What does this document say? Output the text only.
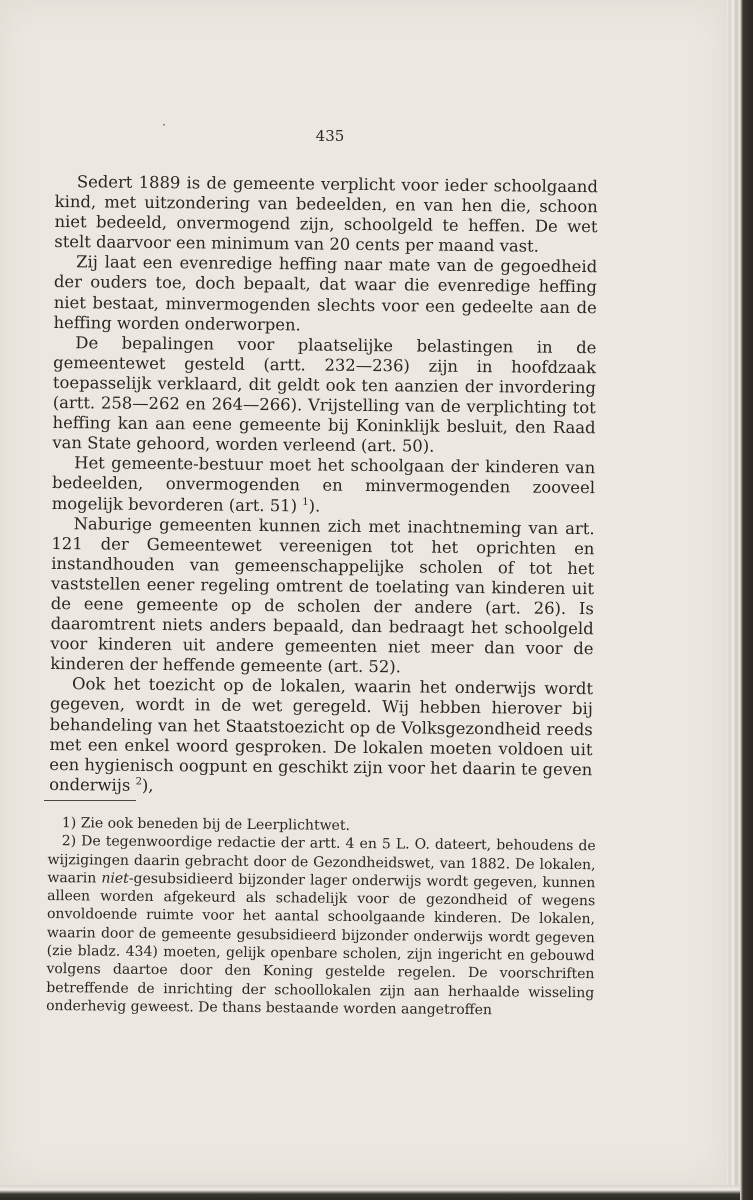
·
435

Sedert 1889 is de gemeente verplicht voor ieder schoolgaand kind, met uitzondering van bedeelden, en van hen die, schoon niet bedeeld, onvermogend zijn, schoolgeld te heffen. De wet stelt daarvoor een minimum van 20 cents per maand vast.

Zij laat een evenredige heffing naar mate van de gegoedheid der ouders toe, doch bepaalt, dat waar die evenredige heffing niet bestaat, minvermogenden slechts voor een gedeelte aan de heffing worden onderworpen.

De bepalingen voor plaatselijke belastingen in de gemeentewet gesteld (artt. 232—236) zijn in hoofdzaak toepasselijk verklaard, dit geldt ook ten aanzien der invordering (artt. 258—262 en 264—266). Vrijstelling van de verplichting tot heffing kan aan eene gemeente bij Koninklijk besluit, den Raad van State gehoord, worden verleend (art. 50).

Het gemeente-bestuur moet het schoolgaan der kinderen van bedeelden, onvermogenden en minvermogenden zooveel mogelijk bevorderen (art. 51) $^1$).

Naburige gemeenten kunnen zich met inachtneming van art. 121 der Gemeentewet vereenigen tot het oprichten en instandhouden van gemeenschappelijke scholen of tot het vaststellen eener regeling omtrent de toelating van kinderen uit de eene gemeente op de scholen der andere (art. 26). Is daaromtrent niets anders bepaald, dan bedraagt het schoolgeld voor kinderen uit andere gemeenten niet meer dan voor de kinderen der heffende gemeente (art. 52).

Ook het toezicht op de lokalen, waarin het onderwijs wordt gegeven, wordt in de wet geregeld. Wij hebben hierover bij behandeling van het Staatstoezicht op de Volksgezondheid reeds met een enkel woord gesproken. De lokalen moeten voldoen uit een hygienisch oogpunt en geschikt zijn voor het daarin te geven onderwijs $^2$),

1) Zie ook beneden bij de Leerplichtwet.

2) De tegenwoordige redactie der artt. 4 en 5 L. O. dateert, behoudens de wijzigingen daarin gebracht door de Gezondheidswet, van 1882. De lokalen, waarin niet-gesubsidieerd bijzonder lager onderwijs wordt gegeven, kunnen alleen worden afgekeurd als schadelijk voor de gezondheid of wegens onvoldoende ruimte voor het aantal schoolgaande kinderen. De lokalen, waarin door de gemeente gesubsidieerd bijzonder onderwijs wordt gegeven (zie bladz. 434) moeten, gelijk openbare scholen, zijn ingericht en gebouwd volgens daartoe door den Koning gestelde regelen. De voorschriften betreffende de inrichting der schoollokalen zijn aan herhaalde wisseling onderhevig geweest. De thans bestaande worden aangetroffen
